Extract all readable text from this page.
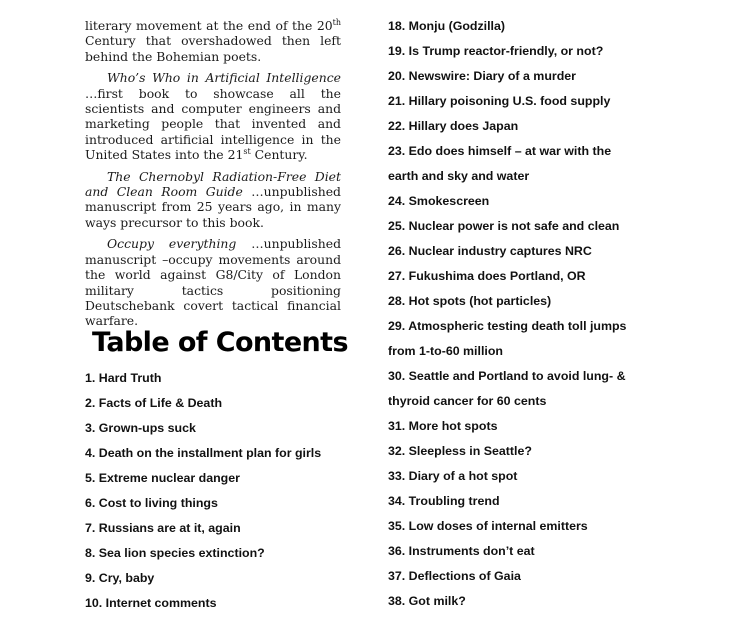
literary movement at the end of the 20th Century that overshadowed then left behind the Bohemian poets.

Who’s Who in Artificial Intelligence …first book to showcase all the scientists and computer engineers and marketing people that invented and introduced artificial intelligence in the United States into the 21st Century.

The Chernobyl Radiation-Free Diet and Clean Room Guide …unpublished manuscript from 25 years ago, in many ways precursor to this book.

Occupy everything …unpublished manuscript –occupy movements around the world against G8/City of London military tactics positioning Deutschebank covert tactical financial warfare.

Table of Contents
1. Hard Truth
2. Facts of Life & Death
3. Grown-ups suck
4. Death on the installment plan for girls
5. Extreme nuclear danger
6. Cost to living things
7. Russians are at it, again
8. Sea lion species extinction?
9. Cry, baby
10. Internet comments
18. Monju (Godzilla)
19. Is Trump reactor-friendly, or not?
20. Newswire: Diary of a murder
21. Hillary poisoning U.S. food supply
22. Hillary does Japan
23. Edo does himself – at war with the
earth and sky and water
24. Smokescreen
25. Nuclear power is not safe and clean
26. Nuclear industry captures NRC
27. Fukushima does Portland, OR
28. Hot spots (hot particles)
29. Atmospheric testing death toll jumps
from 1-to-60 million
30. Seattle and Portland to avoid lung- &
thyroid cancer for 60 cents
31. More hot spots
32. Sleepless in Seattle?
33. Diary of a hot spot
34. Troubling trend
35. Low doses of internal emitters
36. Instruments don’t eat
37. Deflections of Gaia
38. Got milk?
